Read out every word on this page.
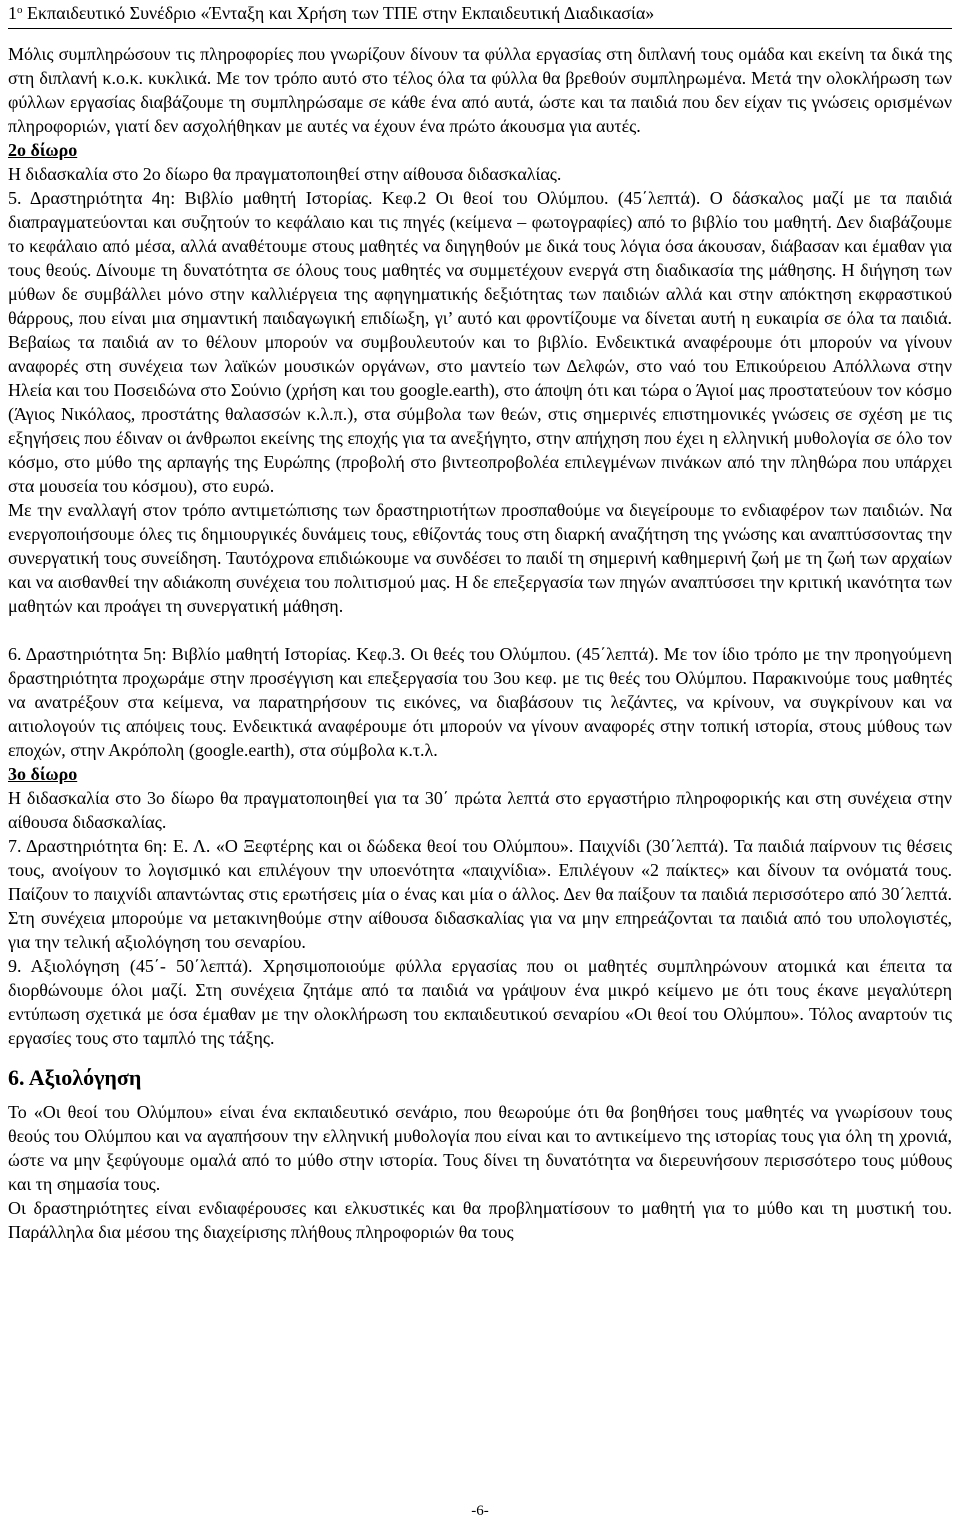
$1^o$ Εκπαιδευτικό Συνέδριο «Ένταξη και Χρήση των ΤΠΕ στην Εκπαιδευτική Διαδικασία»

Μόλις συμπληρώσουν τις πληροφορίες που γνωρίζουν δίνουν τα φύλλα εργασίας στη διπλανή τους ομάδα και εκείνη τα δικά της στη διπλανή κ.ο.κ. κυκλικά. Με τον τρόπο αυτό στο τέλος όλα τα φύλλα θα βρεθούν συμπληρωμένα. Μετά την ολοκλήρωση των φύλλων εργασίας διαβάζουμε τη συμπληρώσαμε σε κάθε ένα από αυτά, ώστε και τα παιδιά που δεν είχαν τις γνώσεις ορισμένων πληροφοριών, γιατί δεν ασχολήθηκαν με αυτές να έχουν ένα πρώτο άκουσμα για αυτές.

2ο δίωρο

Η διδασκαλία στο 2ο δίωρο θα πραγματοποιηθεί στην αίθουσα διδασκαλίας.

5. Δραστηριότητα 4η: Βιβλίο μαθητή Ιστορίας. Κεφ.2 Οι θεοί του Ολύμπου. (45΄λεπτά). Ο δάσκαλος μαζί με τα παιδιά διαπραγματεύονται και συζητούν το κεφάλαιο και τις πηγές (κείμενα – φωτογραφίες) από το βιβλίο του μαθητή. Δεν διαβάζουμε το κεφάλαιο από μέσα, αλλά αναθέτουμε στους μαθητές να διηγηθούν με δικά τους λόγια όσα άκουσαν, διάβασαν και έμαθαν για τους θεούς. Δίνουμε τη δυνατότητα σε όλους τους μαθητές να συμμετέχουν ενεργά στη διαδικασία της μάθησης. Η διήγηση των μύθων δε συμβάλλει μόνο στην καλλιέργεια της αφηγηματικής δεξιότητας των παιδιών αλλά και στην απόκτηση εκφραστικού θάρρους, που είναι μια σημαντική παιδαγωγική επιδίωξη, γι’ αυτό και φροντίζουμε να δίνεται αυτή η ευκαιρία σε όλα τα παιδιά. Βεβαίως τα παιδιά αν το θέλουν μπορούν να συμβουλευτούν και το βιβλίο. Ενδεικτικά αναφέρουμε ότι μπορούν να γίνουν αναφορές στη συνέχεια των λαϊκών μουσικών οργάνων, στο μαντείο των Δελφών, στο ναό του Επικούρειου Απόλλωνα στην Ηλεία και του Ποσειδώνα στο Σούνιο (χρήση και του google.earth), στο άποψη ότι και τώρα ο Άγιοί μας προστατεύουν τον κόσμο (Άγιος Νικόλαος, προστάτης θαλασσών κ.λ.π.), στα σύμβολα των θεών, στις σημερινές επιστημονικές γνώσεις σε σχέση με τις εξηγήσεις που έδιναν οι άνθρωποι εκείνης της εποχής για τα ανεξήγητο, στην απήχηση που έχει η ελληνική μυθολογία σε όλο τον κόσμο, στο μύθο της αρπαγής της Ευρώπης (προβολή στο βιντεοπροβολέα επιλεγμένων πινάκων από την πληθώρα που υπάρχει στα μουσεία του κόσμου), στο ευρώ.

Με την εναλλαγή στον τρόπο αντιμετώπισης των δραστηριοτήτων προσπαθούμε να διεγείρουμε το ενδιαφέρον των παιδιών. Να ενεργοποιήσουμε όλες τις δημιουργικές δυνάμεις τους, εθίζοντάς τους στη διαρκή αναζήτηση της γνώσης και αναπτύσσοντας την συνεργατική τους συνείδηση. Ταυτόχρονα επιδιώκουμε να συνδέσει το παιδί τη σημερινή καθημερινή ζωή με τη ζωή των αρχαίων και να αισθανθεί την αδιάκοπη συνέχεια του πολιτισμού μας. Η δε επεξεργασία των πηγών αναπτύσσει την κριτική ικανότητα των μαθητών και προάγει τη συνεργατική μάθηση.

6. Δραστηριότητα 5η: Βιβλίο μαθητή Ιστορίας. Κεφ.3. Οι θεές του Ολύμπου. (45΄λεπτά). Με τον ίδιο τρόπο με την προηγούμενη δραστηριότητα προχωράμε στην προσέγγιση και επεξεργασία του 3ου κεφ. με τις θεές του Ολύμπου. Παρακινούμε τους μαθητές να ανατρέξουν στα κείμενα, να παρατηρήσουν τις εικόνες, να διαβάσουν τις λεζάντες, να κρίνουν, να συγκρίνουν και να αιτιολογούν τις απόψεις τους. Ενδεικτικά αναφέρουμε ότι μπορούν να γίνουν αναφορές στην τοπική ιστορία, στους μύθους των εποχών, στην Ακρόπολη (google.earth), στα σύμβολα κ.τ.λ.

3ο δίωρο

Η διδασκαλία στο 3ο δίωρο θα πραγματοποιηθεί για τα 30΄ πρώτα λεπτά στο εργαστήριο πληροφορικής και στη συνέχεια στην αίθουσα διδασκαλίας.

7. Δραστηριότητα 6η: Ε. Λ. «Ο Ξεφτέρης και οι δώδεκα θεοί του Ολύμπου». Παιχνίδι (30΄λεπτά). Τα παιδιά παίρνουν τις θέσεις τους, ανοίγουν το λογισμικό και επιλέγουν την υποενότητα «παιχνίδια». Επιλέγουν «2 παίκτες» και δίνουν τα ονόματά τους. Παίζουν το παιχνίδι απαντώντας στις ερωτήσεις μία ο ένας και μία ο άλλος. Δεν θα παίξουν τα παιδιά περισσότερο από 30΄λεπτά. Στη συνέχεια μπορούμε να μετακινηθούμε στην αίθουσα διδασκαλίας για να μην επηρεάζονται τα παιδιά από του υπολογιστές, για την τελική αξιολόγηση του σεναρίου.

9. Αξιολόγηση (45΄- 50΄λεπτά). Χρησιμοποιούμε φύλλα εργασίας που οι μαθητές συμπληρώνουν ατομικά και έπειτα τα διορθώνουμε όλοι μαζί. Στη συνέχεια ζητάμε από τα παιδιά να γράψουν ένα μικρό κείμενο με ότι τους έκανε μεγαλύτερη εντύπωση σχετικά με όσα έμαθαν με την ολοκλήρωση του εκπαιδευτικού σεναρίου «Οι θεοί του Ολύμπου». Τόλος αναρτούν τις εργασίες τους στο ταμπλό της τάξης.

6. Αξιολόγηση

Το «Οι θεοί του Ολύμπου» είναι ένα εκπαιδευτικό σενάριο, που θεωρούμε ότι θα βοηθήσει τους μαθητές να γνωρίσουν τους θεούς του Ολύμπου και να αγαπήσουν την ελληνική μυθολογία που είναι και το αντικείμενο της ιστορίας τους για όλη τη χρονιά, ώστε να μην ξεφύγουμε ομαλά από το μύθο στην ιστορία. Τους δίνει τη δυνατότητα να διερευνήσουν περισσότερο τους μύθους και τη σημασία τους.

Οι δραστηριότητες είναι ενδιαφέρουσες και ελκυστικές και θα προβληματίσουν το μαθητή για το μύθο και τη μυστική του. Παράλληλα δια μέσου της διαχείρισης πλήθους πληροφοριών θα τους

-6-
